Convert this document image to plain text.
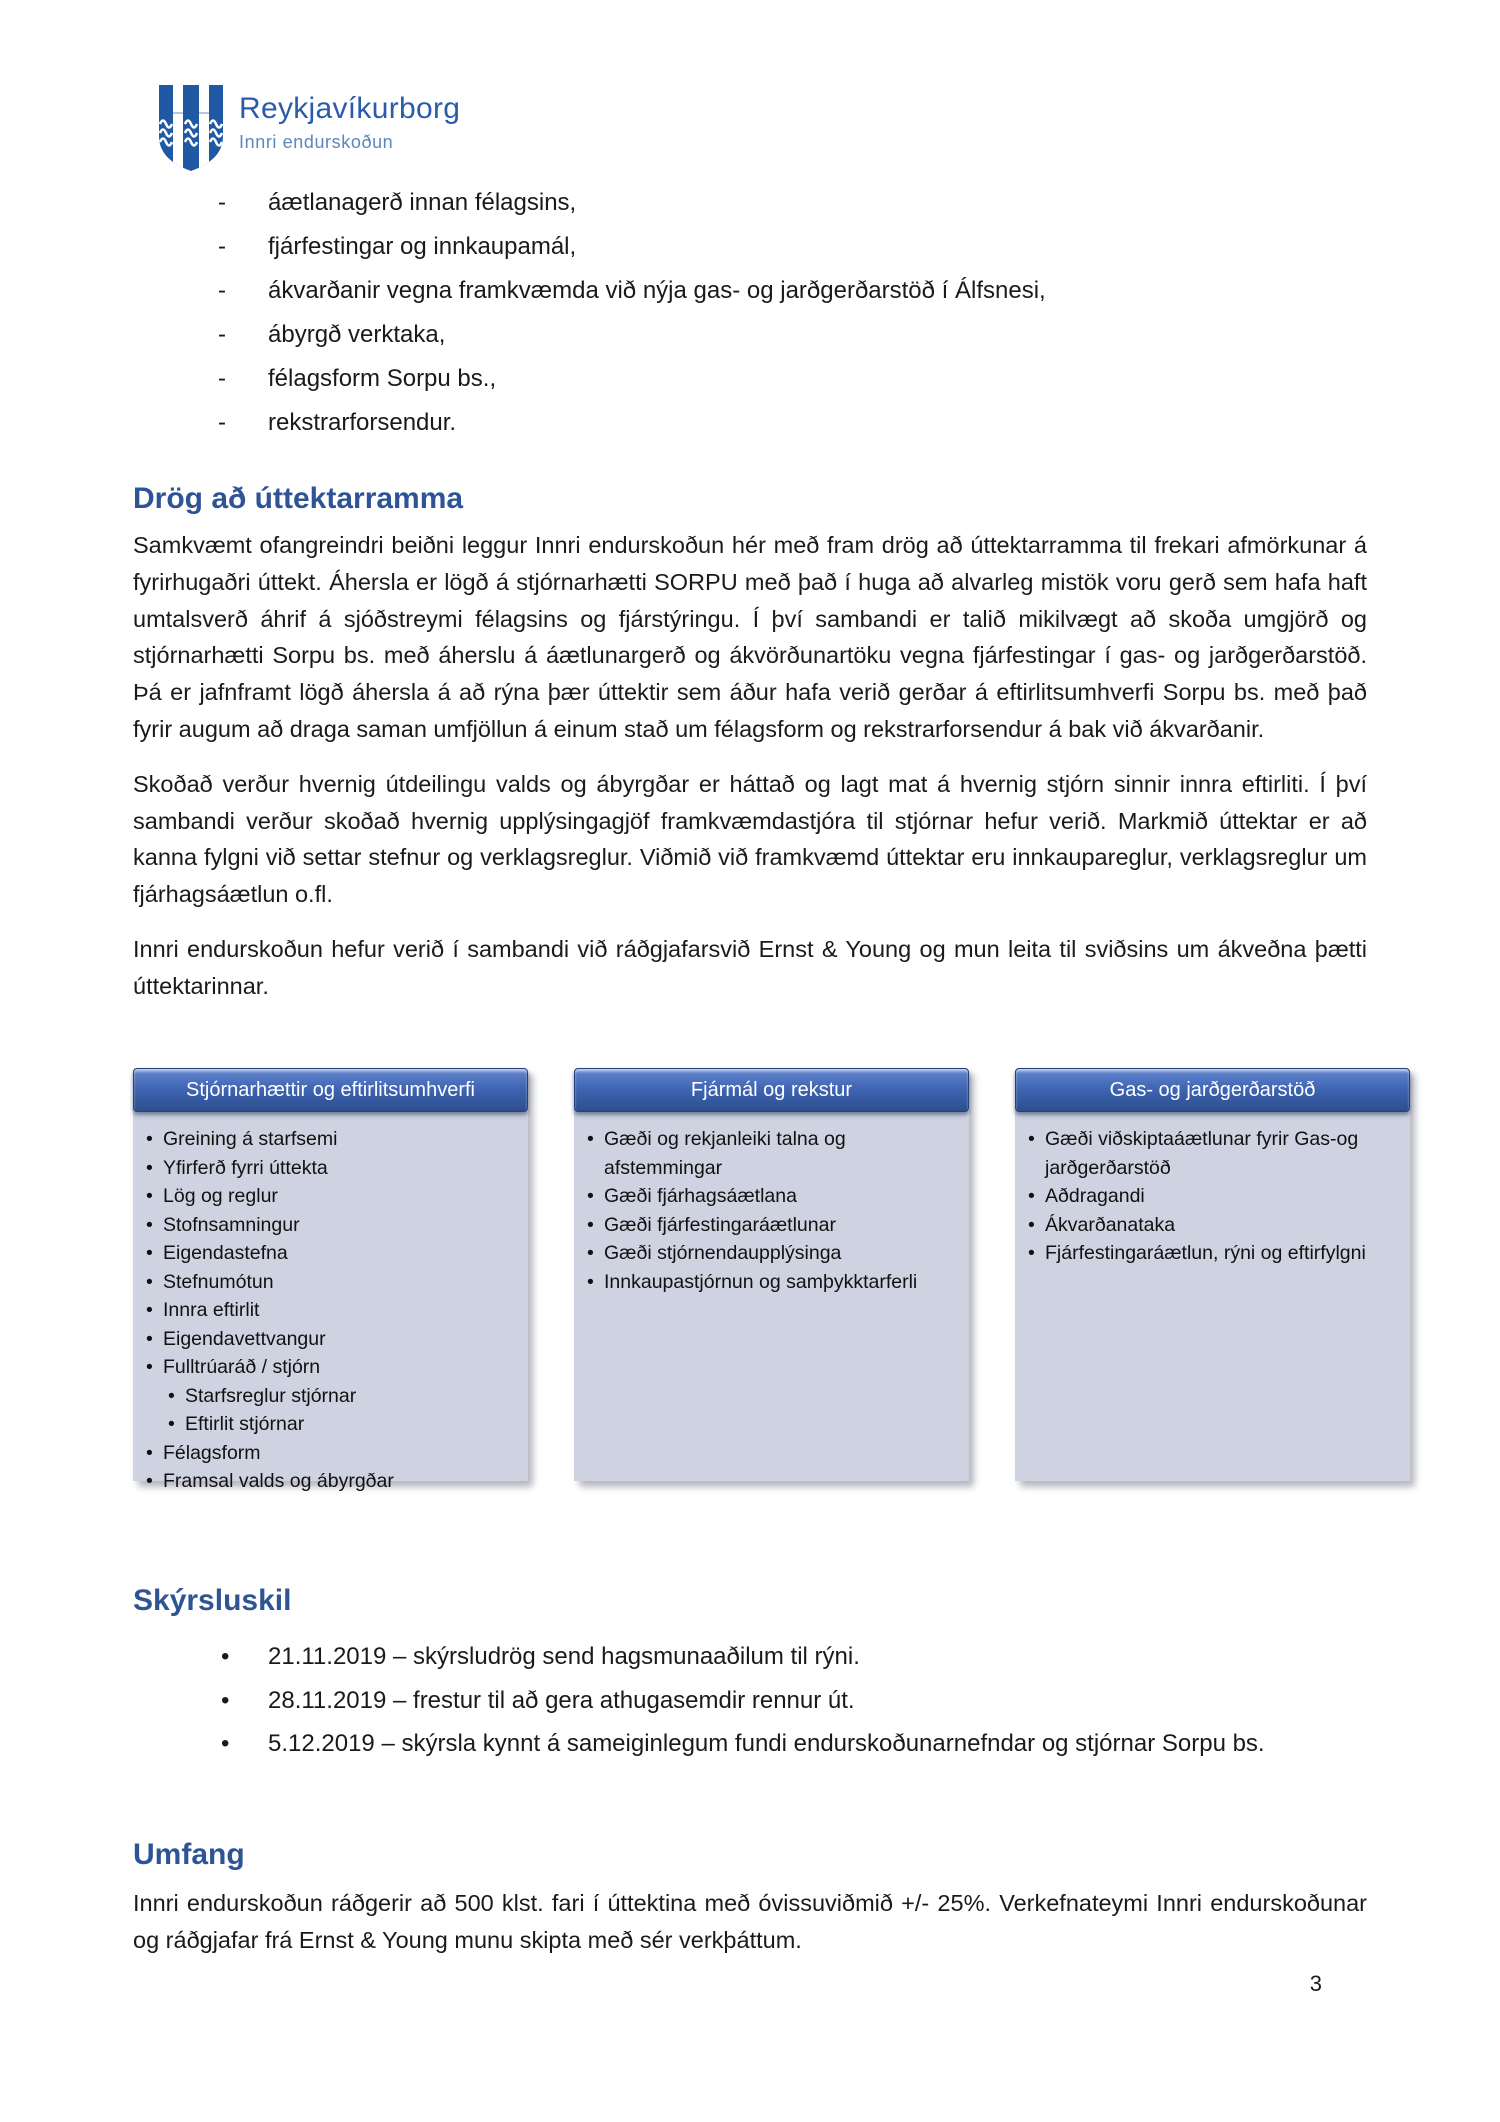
Reykjavíkurborg
Innri endurskoðun
- áætlanagerð innan félagsins,
- fjárfestingar og innkaupamál,
- ákvarðanir vegna framkvæmda við nýja gas- og jarðgerðarstöð í Álfsnesi,
- ábyrgð verktaka,
- félagsform Sorpu bs.,
- rekstrarforsendur.
Drög að úttektarramma

Samkvæmt ofangreindri beiðni leggur Innri endurskoðun hér með fram drög að úttektarramma til frekari afmörkunar á fyrirhugaðri úttekt. Áhersla er lögð á stjórnarhætti SORPU með það í huga að alvarleg mistök voru gerð sem hafa haft umtalsverð áhrif á sjóðstreymi félagsins og fjárstýringu. Í því sambandi er talið mikilvægt að skoða umgjörð og stjórnarhætti Sorpu bs. með áherslu á áætlunargerð og ákvörðunartöku vegna fjárfestingar í gas- og jarðgerðarstöð. Þá er jafnframt lögð áhersla á að rýna þær úttektir sem áður hafa verið gerðar á eftirlitsumhverfi Sorpu bs. með það fyrir augum að draga saman umfjöllun á einum stað um félagsform og rekstrarforsendur á bak við ákvarðanir.

Skoðað verður hvernig útdeilingu valds og ábyrgðar er háttað og lagt mat á hvernig stjórn sinnir innra eftirliti. Í því sambandi verður skoðað hvernig upplýsingagjöf framkvæmdastjóra til stjórnar hefur verið. Markmið úttektar er að kanna fylgni við settar stefnur og verklagsreglur. Viðmið við framkvæmd úttektar eru innkaupareglur, verklagsreglur um fjárhagsáætlun o.fl.

Innri endurskoðun hefur verið í sambandi við ráðgjafarsvið Ernst & Young og mun leita til sviðsins um ákveðna þætti úttektarinnar.

Stjórnarhættir og eftirlitsumhverfi
• Greining á starfsemi
• Yfirferð fyrri úttekta
• Lög og reglur
• Stofnsamningur
• Eigendastefna
• Stefnumótun
• Innra eftirlit
• Eigendavettvangur
• Fulltrúaráð / stjórn
• Starfsreglur stjórnar
• Eftirlit stjórnar
• Félagsform
• Framsal valds og ábyrgðar
Fjármál og rekstur
• Gæði og rekjanleiki talna og afstemmingar
• Gæði fjárhagsáætlana
• Gæði fjárfestingaráætlunar
• Gæði stjórnendaupplýsinga
• Innkaupastjórnun og samþykktarferli
Gas- og jarðgerðarstöð
• Gæði viðskiptaáætlunar fyrir Gas-og jarðgerðarstöð
• Aðdragandi
• Ákvarðanataka
• Fjárfestingaráætlun, rýni og eftirfylgni
Skýrsluskil
• 21.11.2019 – skýrsludrög send hagsmunaaðilum til rýni.
• 28.11.2019 – frestur til að gera athugasemdir rennur út.
• 5.12.2019 – skýrsla kynnt á sameiginlegum fundi endurskoðunarnefndar og stjórnar Sorpu bs.
Umfang

Innri endurskoðun ráðgerir að 500 klst. fari í úttektina með óvissuviðmið +/- 25%. Verkefnateymi Innri endurskoðunar og ráðgjafar frá Ernst & Young munu skipta með sér verkþáttum.

3
